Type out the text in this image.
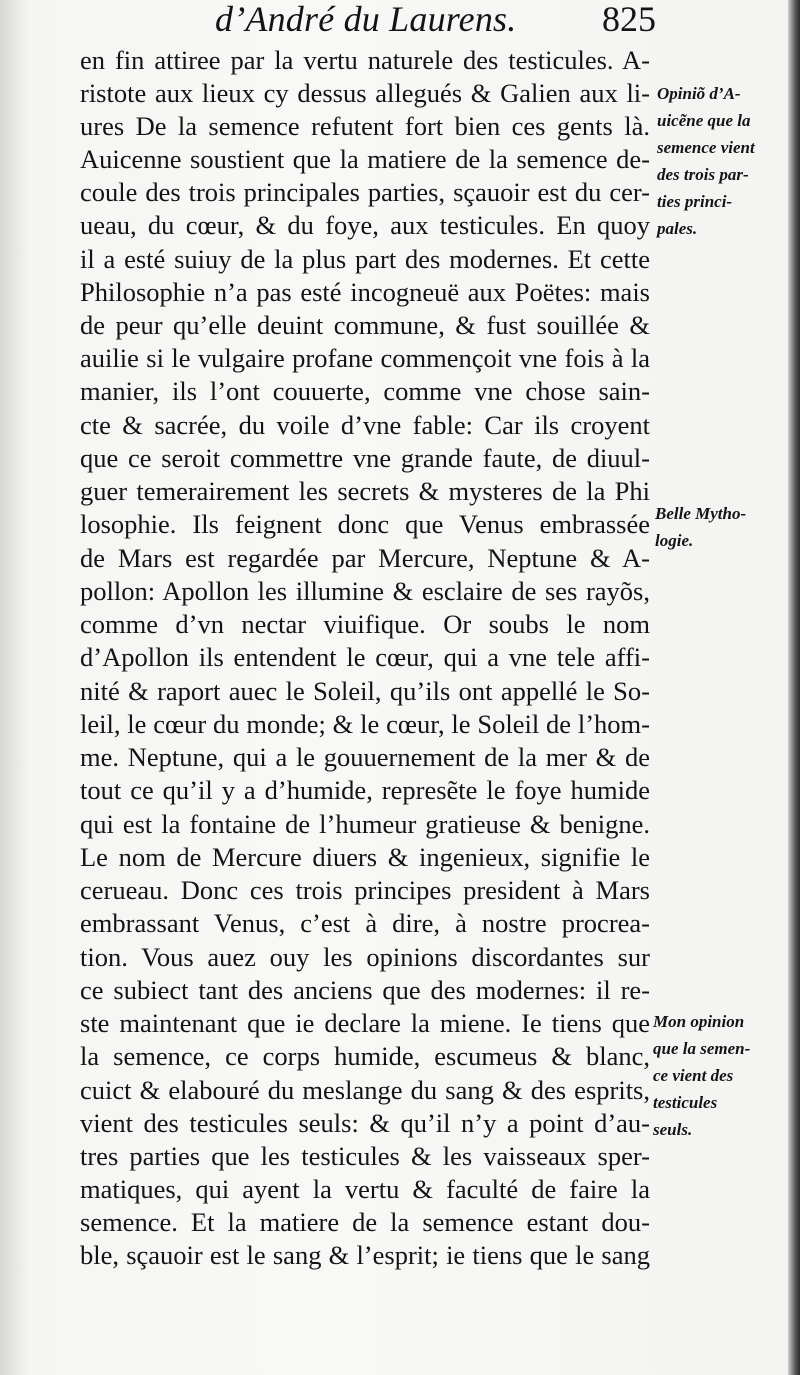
d’André du Laurens. 825
en fin attiree par la vertu naturele des testicules. A-
ristote aux lieux cy dessus allegués & Galien aux li-
ures De la semence refutent fort bien ces gents là.
Auicenne soustient que la matiere de la semence de-
coule des trois principales parties, sçauoir est du cer-
ueau, du cœur, & du foye, aux testicules. En quoy
il a esté suiuy de la plus part des modernes. Et cette
Philosophie n’a pas esté incogneuë aux Poëtes: mais
de peur qu’elle deuint commune, & fust souillée &
auilie si le vulgaire profane commençoit vne fois à la
manier, ils l’ont couuerte, comme vne chose sain-
cte & sacrée, du voile d’vne fable: Car ils croyent
que ce seroit commettre vne grande faute, de diuul-
guer temerairement les secrets & mysteres de la Phi
losophie. Ils feignent donc que Venus embrassée
de Mars est regardée par Mercure, Neptune & A-
pollon: Apollon les illumine & esclaire de ses rayõs,
comme d’vn nectar viuifique. Or soubs le nom
d’Apollon ils entendent le cœur, qui a vne tele affi-
nité & raport auec le Soleil, qu’ils ont appellé le So-
leil, le cœur du monde; & le cœur, le Soleil de l’hom-
me. Neptune, qui a le gouuernement de la mer & de
tout ce qu’il y a d’humide, represẽte le foye humide
qui est la fontaine de l’humeur gratieuse & benigne.
Le nom de Mercure diuers & ingenieux, signifie le
cerueau. Donc ces trois principes president à Mars
embrassant Venus, c’est à dire, à nostre procrea-
tion. Vous auez ouy les opinions discordantes sur
ce subiect tant des anciens que des modernes: il re-
ste maintenant que ie declare la miene. Ie tiens que
la semence, ce corps humide, escumeus & blanc,
cuict & elabouré du meslange du sang & des esprits,
vient des testicules seuls: & qu’il n’y a point d’au-
tres parties que les testicules & les vaisseaux sper-
matiques, qui ayent la vertu & faculté de faire la
semence. Et la matiere de la semence estant dou-
ble, sçauoir est le sang & l’esprit; ie tiens que le sang
Opiniõ d’A-
uicẽne que la
semence vient
des trois par-
ties princi-
pales.
Belle Mytho-
logie.
Mon opinion
que la semen-
ce vient des
testicules
seuls.
